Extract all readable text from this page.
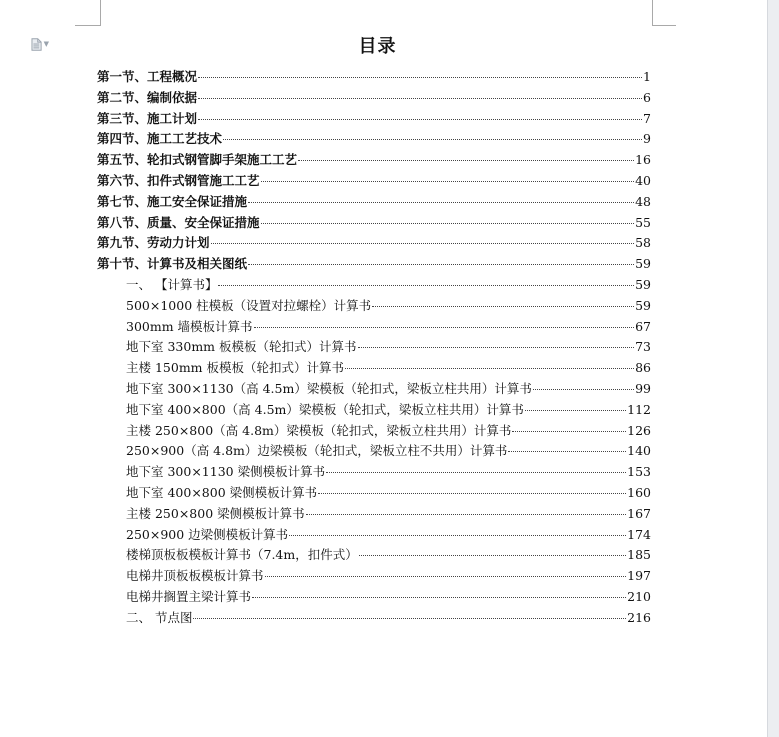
▼	目录
第一节、工程概况	1
第二节、编制依据	6
第三节、施工计划	7
第四节、施工工艺技术	9
第五节、轮扣式钢管脚手架施工工艺	16
第六节、扣件式钢管施工工艺	40
第七节、施工安全保证措施	48
第八节、质量、安全保证措施	55
第九节、劳动力计划	58
第十节、计算书及相关图纸	59
一、 【计算书】	59
500×1000 柱模板（设置对拉螺栓）计算书	59
300mm 墙模板计算书	67
地下室 330mm 板模板（轮扣式）计算书	73
主楼 150mm 板模板（轮扣式）计算书	86
地下室 300×1130（高 4.5m）梁模板（轮扣式，梁板立柱共用）计算书	99
地下室 400×800（高 4.5m）梁模板（轮扣式，梁板立柱共用）计算书	112
主楼 250×800（高 4.8m）梁模板（轮扣式，梁板立柱共用）计算书	126
250×900（高 4.8m）边梁模板（轮扣式，梁板立柱不共用）计算书	140
地下室 300×1130 梁侧模板计算书	153
地下室 400×800 梁侧模板计算书	160
主楼 250×800 梁侧模板计算书	167
250×900 边梁侧模板计算书	174
楼梯顶板板模板计算书（7.4m，扣件式）	185
电梯井顶板板模板计算书	197
电梯井搁置主梁计算书	210
二、 节点图	216
